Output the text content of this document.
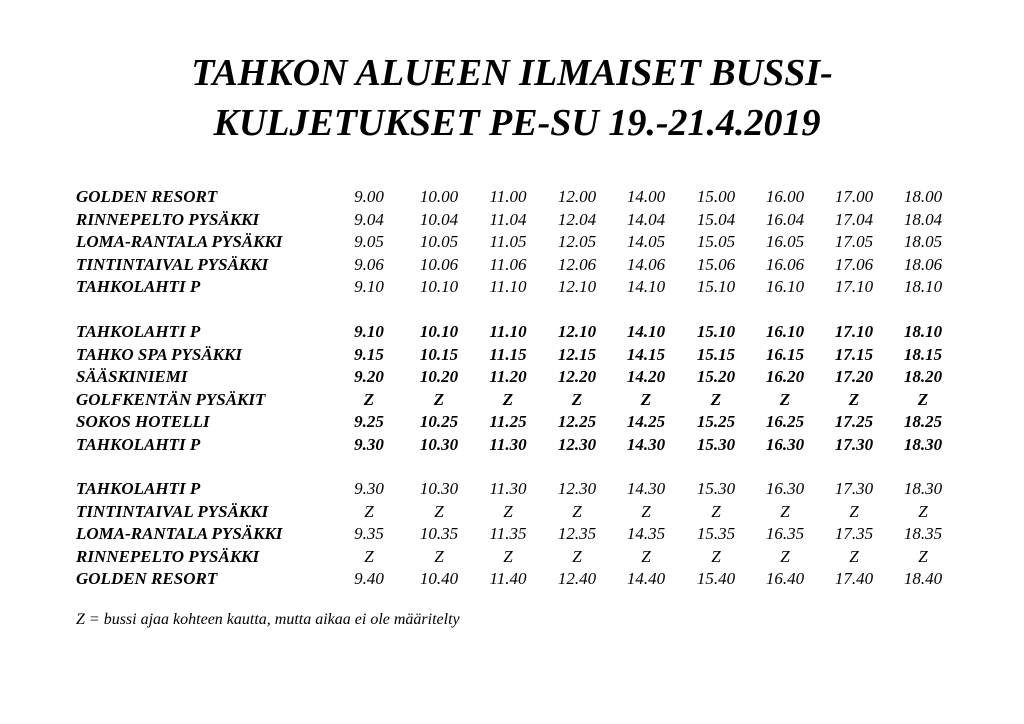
TAHKON ALUEEN ILMAISET BUSSI-
KULJETUKSET PE-SU 19.-21.4.2019
GOLDEN RESORT	9.00	10.00	11.00	12.00	14.00	15.00	16.00	17.00	18.00
RINNEPELTO PYSÄKKI	9.04	10.04	11.04	12.04	14.04	15.04	16.04	17.04	18.04
LOMA-RANTALA PYSÄKKI	9.05	10.05	11.05	12.05	14.05	15.05	16.05	17.05	18.05
TINTINTAIVAL PYSÄKKI	9.06	10.06	11.06	12.06	14.06	15.06	16.06	17.06	18.06
TAHKOLAHTI P	9.10	10.10	11.10	12.10	14.10	15.10	16.10	17.10	18.10
TAHKOLAHTI P	9.10	10.10	11.10	12.10	14.10	15.10	16.10	17.10	18.10
TAHKO SPA PYSÄKKI	9.15	10.15	11.15	12.15	14.15	15.15	16.15	17.15	18.15
SÄÄSKINIEMI	9.20	10.20	11.20	12.20	14.20	15.20	16.20	17.20	18.20
GOLFKENTÄN PYSÄKIT	Z	Z	Z	Z	Z	Z	Z	Z	Z
SOKOS HOTELLI	9.25	10.25	11.25	12.25	14.25	15.25	16.25	17.25	18.25
TAHKOLAHTI P	9.30	10.30	11.30	12.30	14.30	15.30	16.30	17.30	18.30
TAHKOLAHTI P	9.30	10.30	11.30	12.30	14.30	15.30	16.30	17.30	18.30
TINTINTAIVAL PYSÄKKI	Z	Z	Z	Z	Z	Z	Z	Z	Z
LOMA-RANTALA PYSÄKKI	9.35	10.35	11.35	12.35	14.35	15.35	16.35	17.35	18.35
RINNEPELTO PYSÄKKI	Z	Z	Z	Z	Z	Z	Z	Z	Z
GOLDEN RESORT	9.40	10.40	11.40	12.40	14.40	15.40	16.40	17.40	18.40
Z = bussi ajaa kohteen kautta, mutta aikaa ei ole määritelty
